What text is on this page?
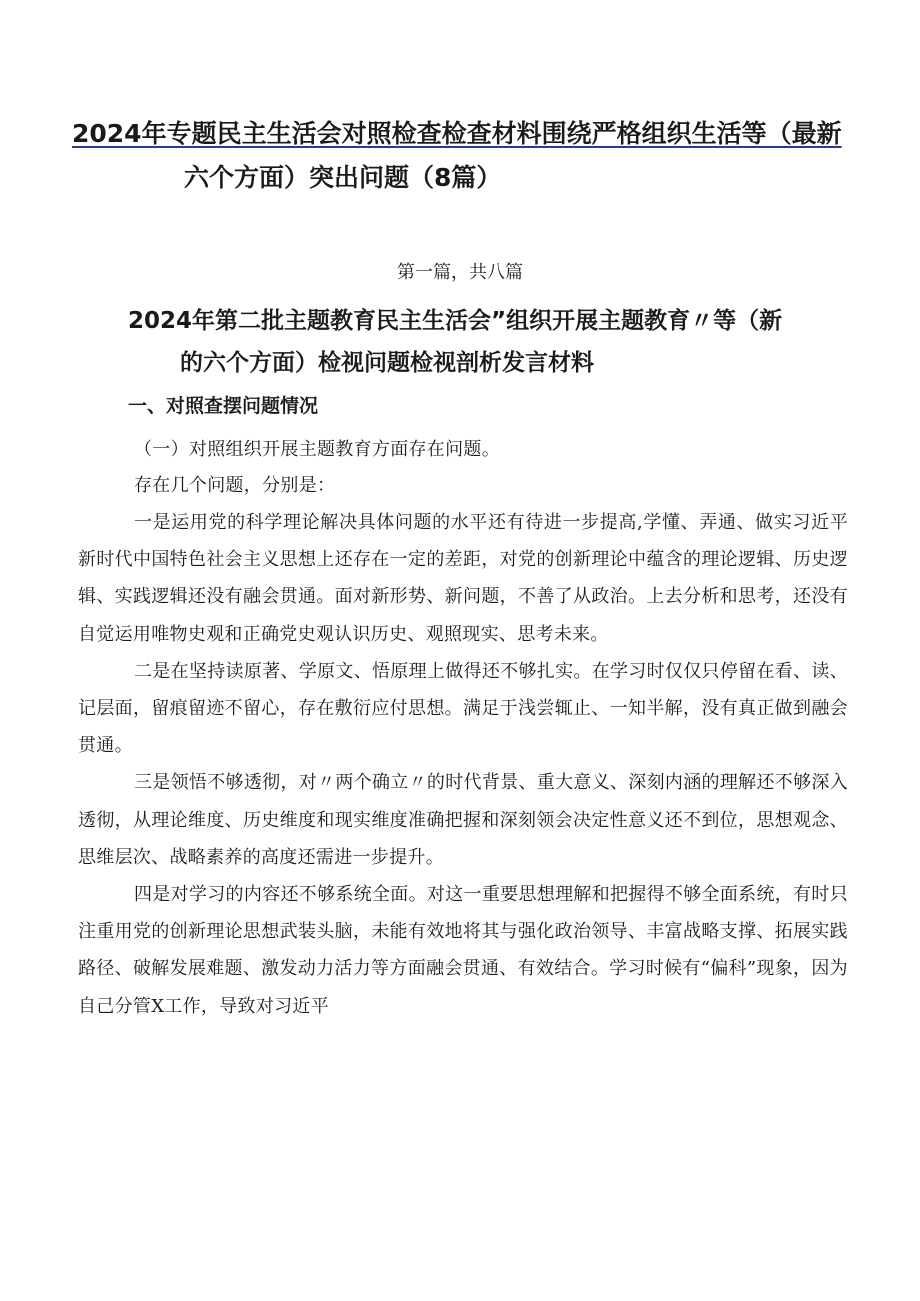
2024年专题民主生活会对照检查检查材料围绕严格组织生活等（最新
六个方面）突出问题（8篇）
第一篇，共八篇
2024年第二批主题教育民主生活会”组织开展主题教育〃等（新
的六个方面）检视问题检视剖析发言材料
一、对照查摆问题情况

（一）对照组织开展主题教育方面存在问题。

存在几个问题，分别是：

一是运用党的科学理论解决具体问题的水平还有待进一步提高,学懂、弄通、做实习近平新时代中国特色社会主义思想上还存在一定的差距，对党的创新理论中蕴含的理论逻辑、历史逻辑、实践逻辑还没有融会贯通。面对新形势、新问题，不善了从政治。上去分析和思考，还没有自觉运用唯物史观和正确党史观认识历史、观照现实、思考未来。

二是在坚持读原著、学原文、悟原理上做得还不够扎实。在学习时仅仅只停留在看、读、记层面，留痕留迹不留心，存在敷衍应付思想。满足于浅尝辄止、一知半解，没有真正做到融会贯通。

三是领悟不够透彻，对〃两个确立〃的时代背景、重大意义、深刻内涵的理解还不够深入透彻，从理论维度、历史维度和现实维度准确把握和深刻领会决定性意义还不到位，思想观念、思维层次、战略素养的高度还需进一步提升。

四是对学习的内容还不够系统全面。对这一重要思想理解和把握得不够全面系统，有时只注重用党的创新理论思想武装头脑，未能有效地将其与强化政治领导、丰富战略支撑、拓展实践路径、破解发展难题、激发动力活力等方面融会贯通、有效结合。学习时候有“偏科”现象，因为自己分管X工作，导致对习近平
